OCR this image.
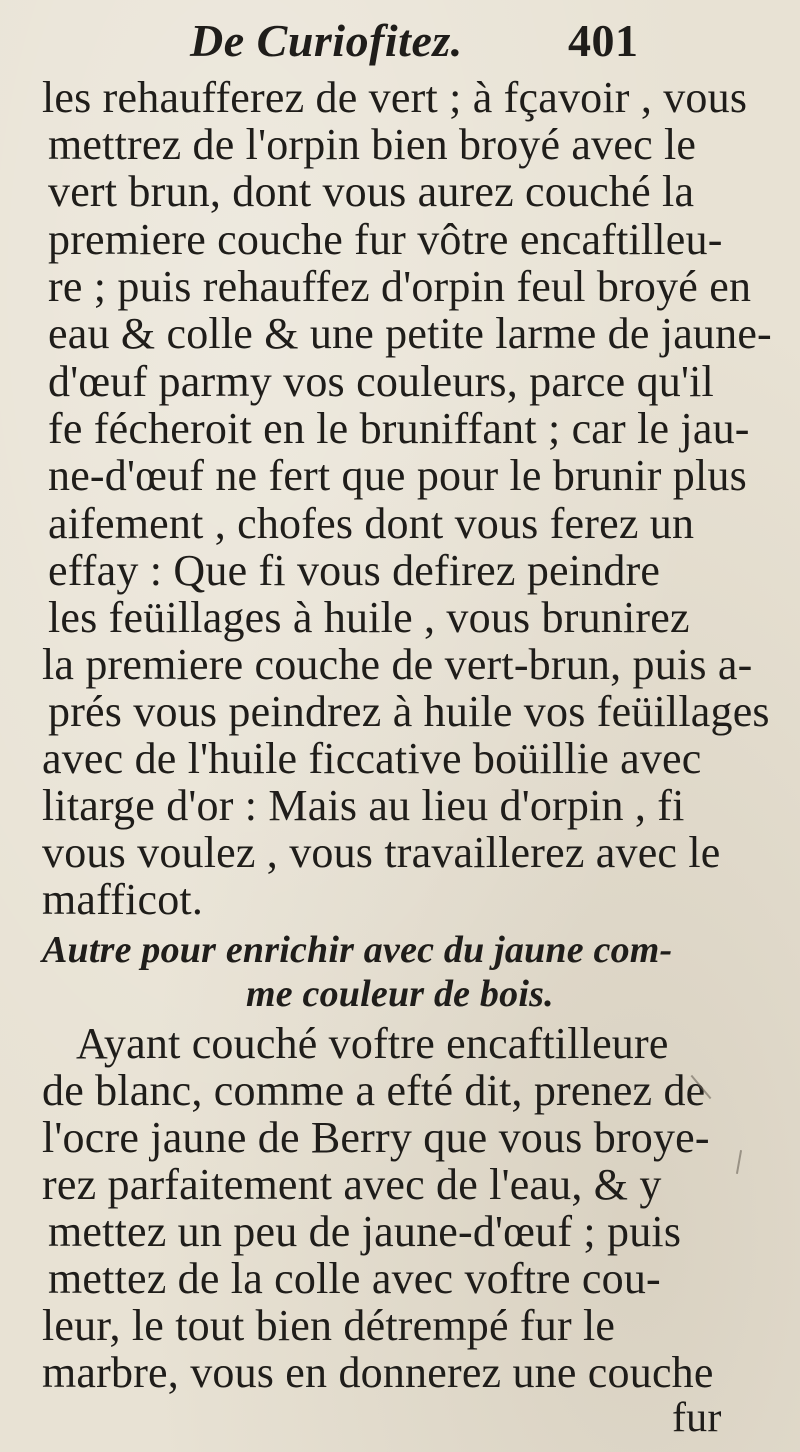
De Curiofitez. 401
les rehaufferez de vert ; à fçavoir , vous
mettrez de l'orpin bien broyé avec le
vert brun, dont vous aurez couché la
premiere couche fur vôtre encaftilleu-
re ; puis rehauffez d'orpin feul broyé en
eau & colle & une petite larme de jaune-
d'œuf parmy vos couleurs, parce qu'il
fe fécheroit en le bruniffant ; car le jau-
ne-d'œuf ne fert que pour le brunir plus
aifement , chofes dont vous ferez un
effay : Que fi vous defirez peindre
les feüillages à huile , vous brunirez
la premiere couche de vert-brun, puis a-
prés vous peindrez à huile vos feüillages
avec de l'huile ficcative boüillie avec
litarge d'or : Mais au lieu d'orpin , fi
vous voulez , vous travaillerez avec le
mafficot.
Autre pour enrichir avec du jaune com-
me couleur de bois.
Ayant couché voftre encaftilleure
de blanc, comme a efté dit, prenez de
l'ocre jaune de Berry que vous broye-
rez parfaitement avec de l'eau, & y
mettez un peu de jaune-d'œuf ; puis
mettez de la colle avec voftre cou-
leur, le tout bien détrempé fur le
marbre, vous en donnerez une couche
fur
